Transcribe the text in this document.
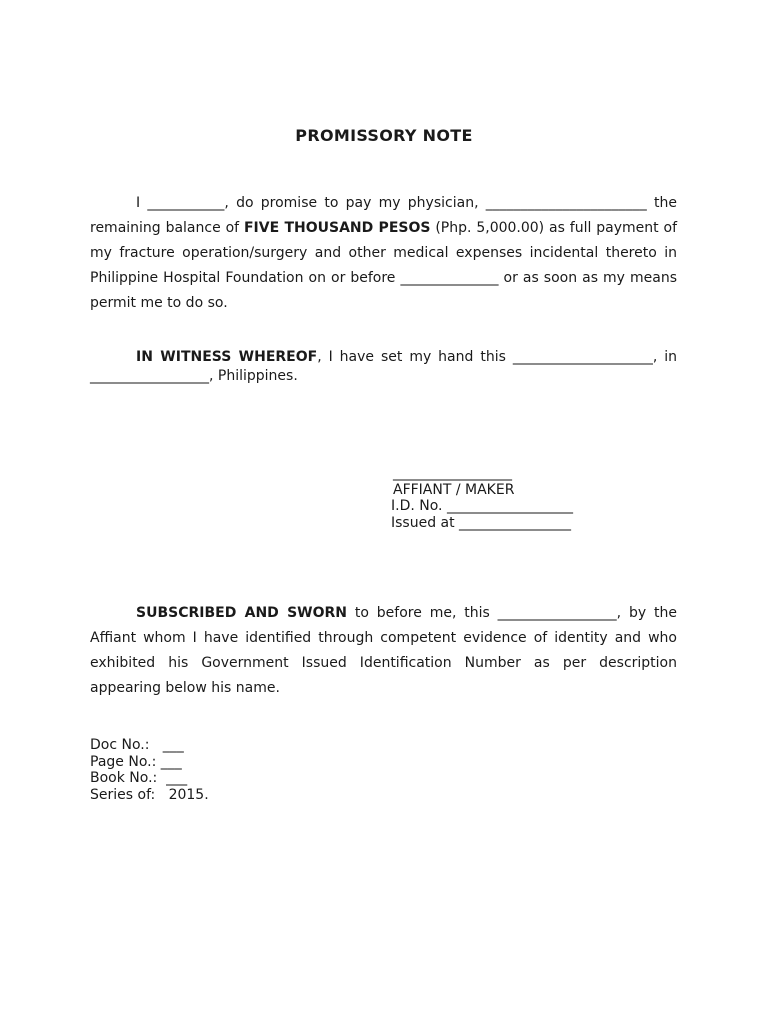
PROMISSORY NOTE
I ___________, do promise to pay my physician, _______________________ the remaining balance of FIVE THOUSAND PESOS (Php. 5,000.00) as full payment of my fracture operation/surgery and other medical expenses incidental thereto in Philippine Hospital Foundation on or before ______________ or as soon as my means permit me to do so.
IN WITNESS WHEREOF, I have set my hand this ____________________, in _________________, Philippines.
_________________
AFFIANT / MAKER
I.D. No. __________________
Issued at ________________
SUBSCRIBED AND SWORN to before me, this _________________, by the Affiant whom I have identified through competent evidence of identity and who exhibited his Government Issued Identification Number as per description appearing below his name.
Doc No.:   ___
Page No.: ___
Book No.:  ___
Series of:   2015.
